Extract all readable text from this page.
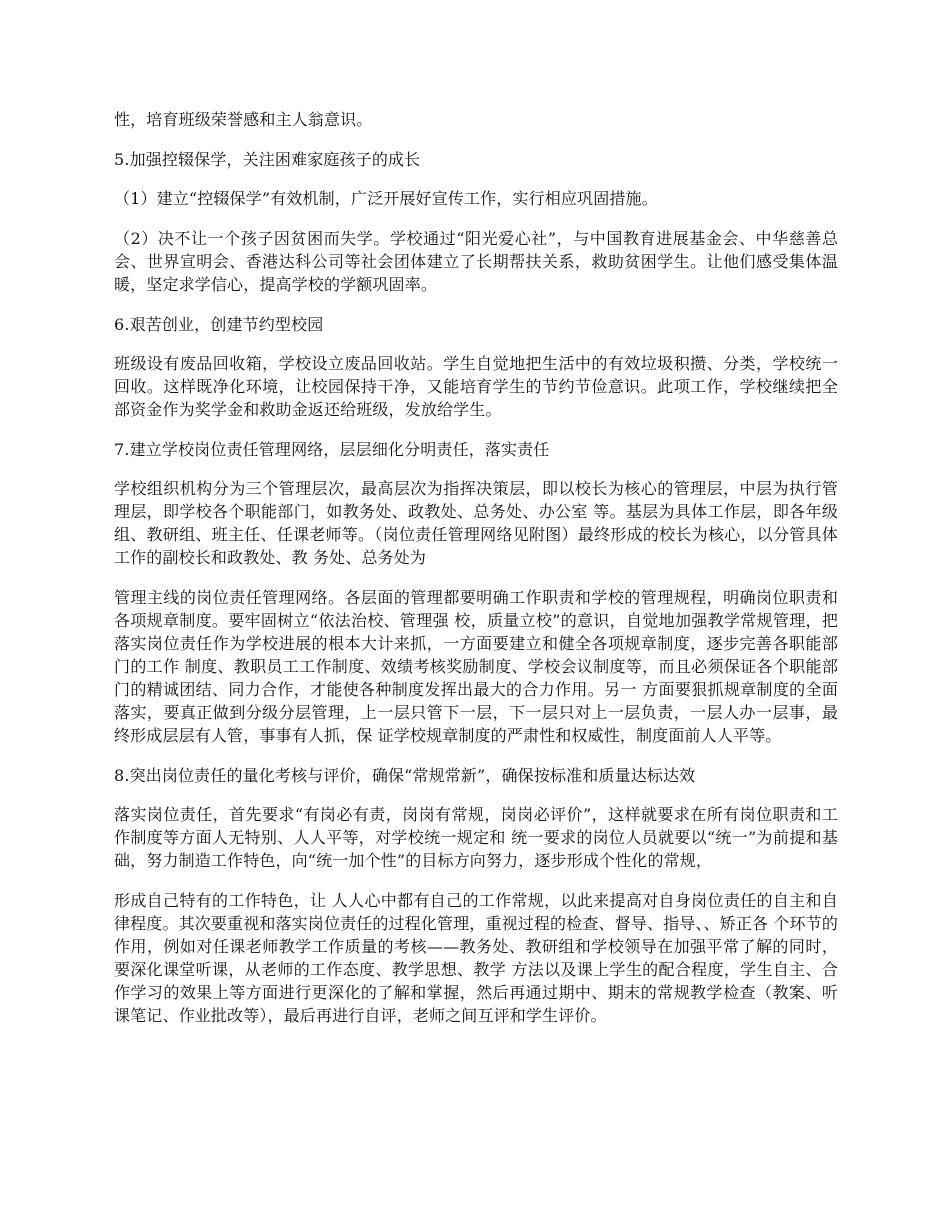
性，培育班级荣誉感和主人翁意识。

5.加强控辍保学，关注困难家庭孩子的成长

（1）建立“控辍保学”有效机制，广泛开展好宣传工作，实行相应巩固措施。

（2）决不让一个孩子因贫困而失学。学校通过“阳光爱心社”，与中国教育进展基金会、中华慈善总会、世界宣明会、香港达科公司等社会团体建立了长期帮扶关系，救助贫困学生。让他们感受集体温暖，坚定求学信心，提高学校的学额巩固率。

6.艰苦创业，创建节约型校园

班级设有废品回收箱，学校设立废品回收站。学生自觉地把生活中的有效垃圾积攒、分类，学校统一回收。这样既净化环境，让校园保持干净，又能培育学生的节约节俭意识。此项工作，学校继续把全部资金作为奖学金和救助金返还给班级，发放给学生。

7.建立学校岗位责任管理网络，层层细化分明责任，落实责任

学校组织机构分为三个管理层次，最高层次为指挥决策层，即以校长为核心的管理层，中层为执行管理层，即学校各个职能部门，如教务处、政教处、总务处、办公室 等。基层为具体工作层，即各年级组、教研组、班主任、任课老师等。（岗位责任管理网络见附图）最终形成的校长为核心，以分管具体工作的副校长和政教处、教 务处、总务处为

管理主线的岗位责任管理网络。各层面的管理都要明确工作职责和学校的管理规程，明确岗位职责和各项规章制度。要牢固树立“依法治校、管理强 校，质量立校”的意识，自觉地加强教学常规管理，把落实岗位责任作为学校进展的根本大计来抓，一方面要建立和健全各项规章制度，逐步完善各职能部门的工作 制度、教职员工工作制度、效绩考核奖励制度、学校会议制度等，而且必须保证各个职能部门的精诚团结、同力合作，才能使各种制度发挥出最大的合力作用。另一 方面要狠抓规章制度的全面落实，要真正做到分级分层管理，上一层只管下一层，下一层只对上一层负责，一层人办一层事，最终形成层层有人管，事事有人抓，保 证学校规章制度的严肃性和权威性，制度面前人人平等。

8.突出岗位责任的量化考核与评价，确保“常规常新”，确保按标准和质量达标达效

落实岗位责任，首先要求“有岗必有责，岗岗有常规，岗岗必评价”，这样就要求在所有岗位职责和工作制度等方面人无特别、人人平等，对学校统一规定和 统一要求的岗位人员就要以“统一”为前提和基础，努力制造工作特色，向“统一加个性”的目标方向努力，逐步形成个性化的常规，

形成自己特有的工作特色，让 人人心中都有自己的工作常规，以此来提高对自身岗位责任的自主和自律程度。其次要重视和落实岗位责任的过程化管理，重视过程的检查、督导、指导、、矫正各 个环节的作用，例如对任课老师教学工作质量的考核——教务处、教研组和学校领导在加强平常了解的同时，要深化课堂听课，从老师的工作态度、教学思想、教学 方法以及课上学生的配合程度，学生自主、合作学习的效果上等方面进行更深化的了解和掌握，然后再通过期中、期末的常规教学检查（教案、听课笔记、作业批改等），最后再进行自评，老师之间互评和学生评价。
